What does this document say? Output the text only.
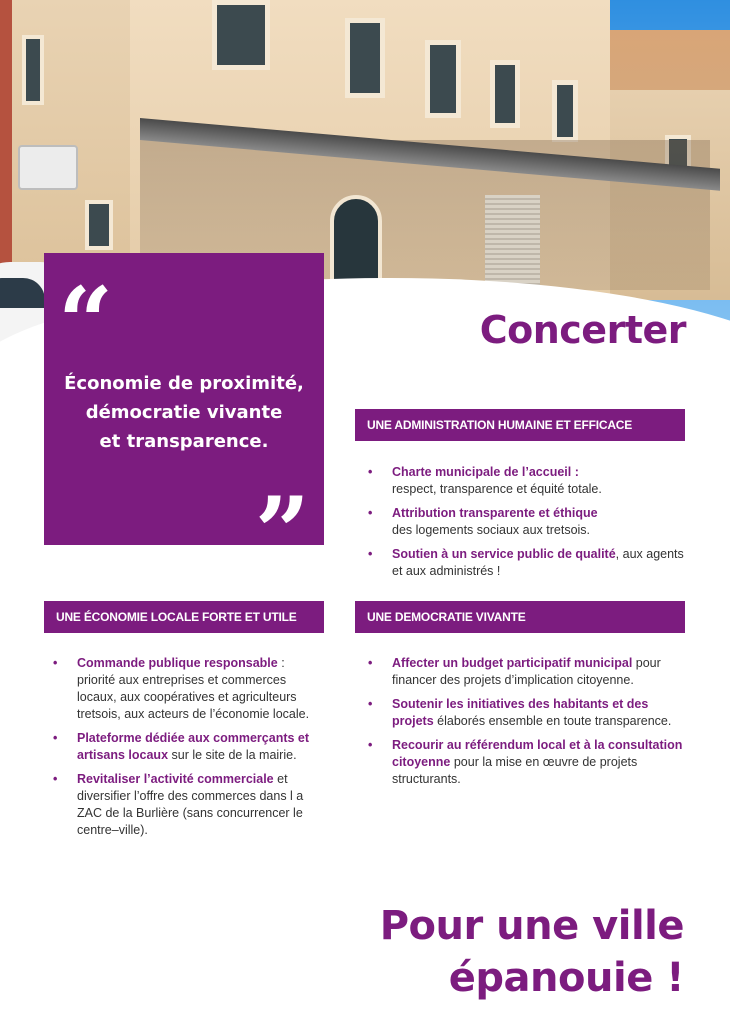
“
Économie de proximité,
démocratie vivante
et transparence.
”
Concerter
UNE ADMINISTRATION HUMAINE ET EFFICACE
• Charte municipale de l’accueil :
respect, transparence et équité totale.
• Attribution transparente et éthique
des logements sociaux aux tretsois.
• Soutien à un service public de qualité, aux agents et aux administrés !
UNE ÉCONOMIE LOCALE FORTE ET UTILE
• Commande publique responsable : priorité aux entreprises et commerces locaux, aux coopératives et agriculteurs tretsois, aux acteurs de l’économie locale.
• Plateforme dédiée aux commerçants et artisans locaux sur le site de la mairie.
• Revitaliser l’activité commerciale et diversifier l’offre des commerces dans l a ZAC de la Burlière (sans concurrencer le centre–ville).
UNE DEMOCRATIE VIVANTE
• Affecter un budget participatif municipal pour financer des projets d’implication citoyenne.
• Soutenir les initiatives des habitants et des projets élaborés ensemble en toute transparence.
• Recourir au référendum local et à la consultation citoyenne pour la mise en œuvre de projets structurants.
Pour une ville
épanouie !
